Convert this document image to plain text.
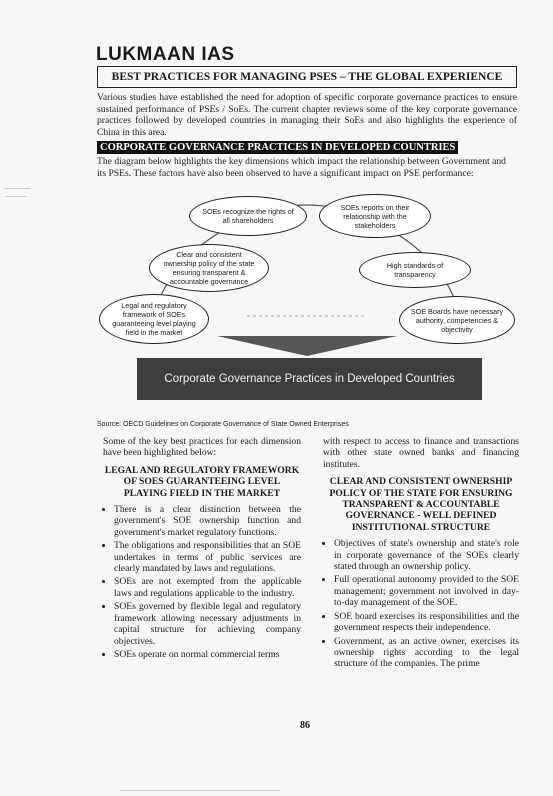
LUKMAAN IAS
BEST PRACTICES FOR MANAGING PSES – THE GLOBAL EXPERIENCE
Various studies have established the need for adoption of specific corporate governance practices to ensure sustained performance of PSEs / SoEs. The current chapter reviews some of the key corporate governance practices followed by developed countries in managing their SoEs and also highlights the experience of China in this area.
CORPORATE GOVERNANCE PRACTICES IN DEVELOPED COUNTRIES
The diagram below highlights the key dimensions which impact the relationship between Government and its PSEs. These factors have also been observed to have a significant impact on PSE performance:
SOEs recognize the rights of all shareholders
SOEs reports on their relationship with the stakeholders
Clear and consistent ownership policy of the state ensuring transparent & accountable governance
High standards of transparency
Legal and regulatory framework of SOEs guaranteeing level playing field in the market
SOE Boards have necessary authority, competencies & objectivity
Corporate Governance Practices in Developed Countries
Source: OECD Guidelines on Corporate Governance of State Owned Enterprises

Some of the key best practices for each dimension have been highlighted below:

LEGAL AND REGULATORY FRAMEWORK OF SOES GUARANTEEING LEVEL PLAYING FIELD IN THE MARKET
• There is a clear distinction between the government's SOE ownership function and government's market regulatory functions.
• The obligations and responsibilities that an SOE undertakes in terms of public services are clearly mandated by laws and regulations.
• SOEs are not exempted from the applicable laws and regulations applicable to the industry.
• SOEs governed by flexible legal and regulatory framework allowing necessary adjustments in capital structure for achieving company objectives.
• SOEs operate on normal commercial terms

with respect to access to finance and transactions with other state owned banks and financing institutes.

CLEAR AND CONSISTENT OWNERSHIP POLICY OF THE STATE FOR ENSURING TRANSPARENT & ACCOUNTABLE GOVERNANCE - WELL DEFINED INSTITUTIONAL STRUCTURE
• Objectives of state's ownership and state's role in corporate governance of the SOEs clearly stated through an ownership policy.
• Full operational autonomy provided to the SOE management; government not involved in day-to-day management of the SOE.
• SOE board exercises its responsibilities and the government respects their independence.
• Government, as an active owner, exercises its ownership rights according to the legal structure of the companies. The prime
86
